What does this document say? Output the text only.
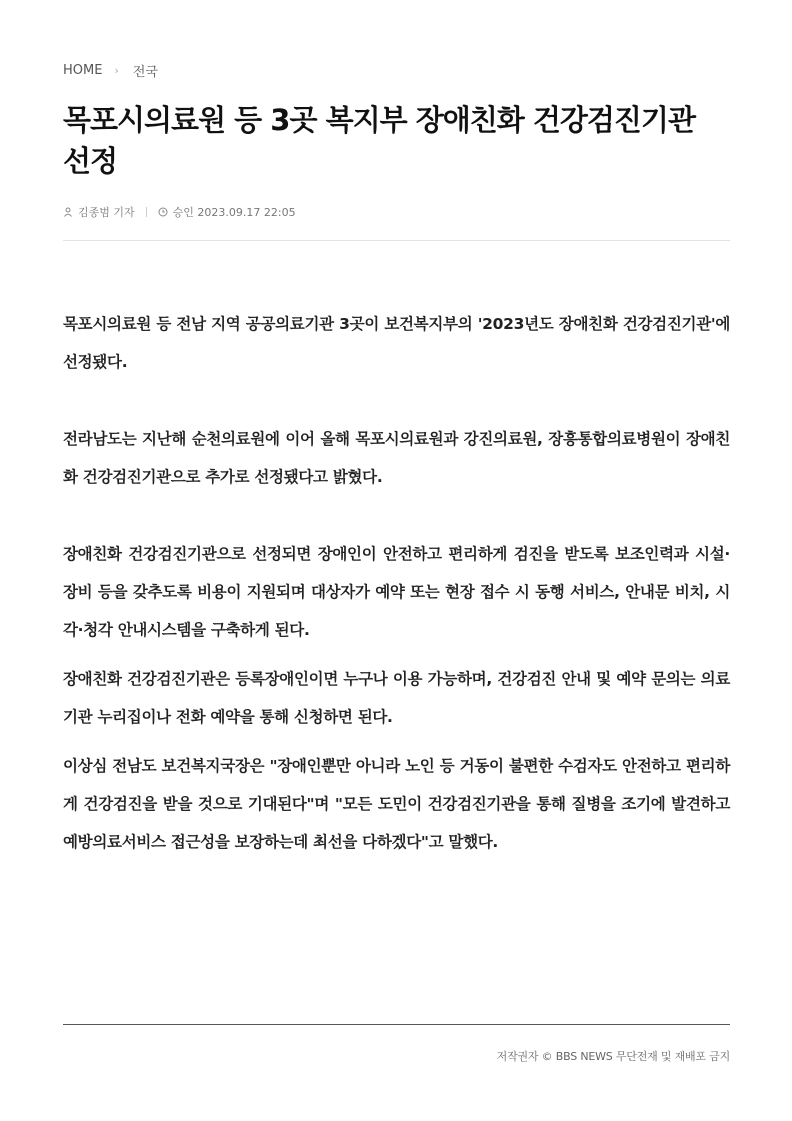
HOME › 전국
목포시의료원 등 3곳 복지부 장애친화 건강검진기관 선정
김종범 기자	승인 2023.09.17 22:05

목포시의료원 등 전남 지역 공공의료기관 3곳이 보건복지부의 '2023년도 장애친화 건강검진기관'에 선정됐다.

전라남도는 지난해 순천의료원에 이어 올해 목포시의료원과 강진의료원, 장흥통합의료병원이 장애친화 건강검진기관으로 추가로 선정됐다고 밝혔다.

장애친화 건강검진기관으로 선정되면 장애인이 안전하고 편리하게 검진을 받도록 보조인력과 시설·장비 등을 갖추도록 비용이 지원되며 대상자가 예약 또는 현장 접수 시 동행 서비스, 안내문 비치, 시각·청각 안내시스템을 구축하게 된다.

장애친화 건강검진기관은 등록장애인이면 누구나 이용 가능하며, 건강검진 안내 및 예약 문의는 의료기관 누리집이나 전화 예약을 통해 신청하면 된다.

이상심 전남도 보건복지국장은 "장애인뿐만 아니라 노인 등 거동이 불편한 수검자도 안전하고 편리하게 건강검진을 받을 것으로 기대된다"며 "모든 도민이 건강검진기관을 통해 질병을 조기에 발견하고 예방의료서비스 접근성을 보장하는데 최선을 다하겠다"고 말했다.

저작권자 © BBS NEWS 무단전재 및 재배포 금지
